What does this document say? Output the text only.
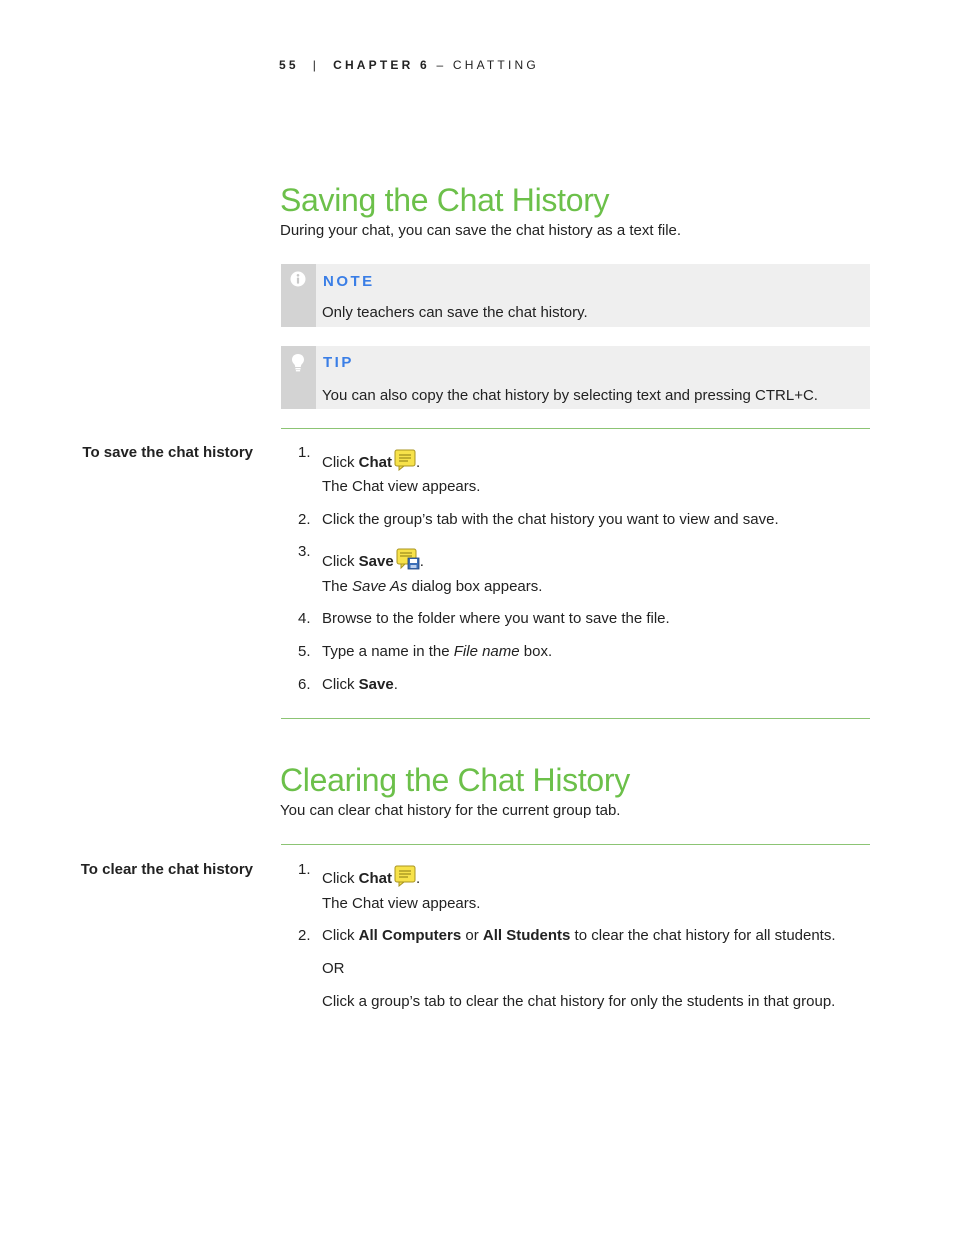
55 | CHAPTER 6 – CHATTING
Saving the Chat History
During your chat, you can save the chat history as a text file.
NOTE
Only teachers can save the chat history.
TIP
You can also copy the chat history by selecting text and pressing CTRL+C.
To save the chat history	1.
Click Chat .
The Chat view appears.
2. Click the group’s tab with the chat history you want to view and save.
3.
Click Save .
The Save As dialog box appears.
4. Browse to the folder where you want to save the file.
5. Type a name in the File name box.
6. Click Save.
Clearing the Chat History
You can clear chat history for the current group tab.
To clear the chat history	1.
Click Chat .
The Chat view appears.
2. Click All Computers or All Students to clear the chat history for all students.
OR
Click a group’s tab to clear the chat history for only the students in that group.
